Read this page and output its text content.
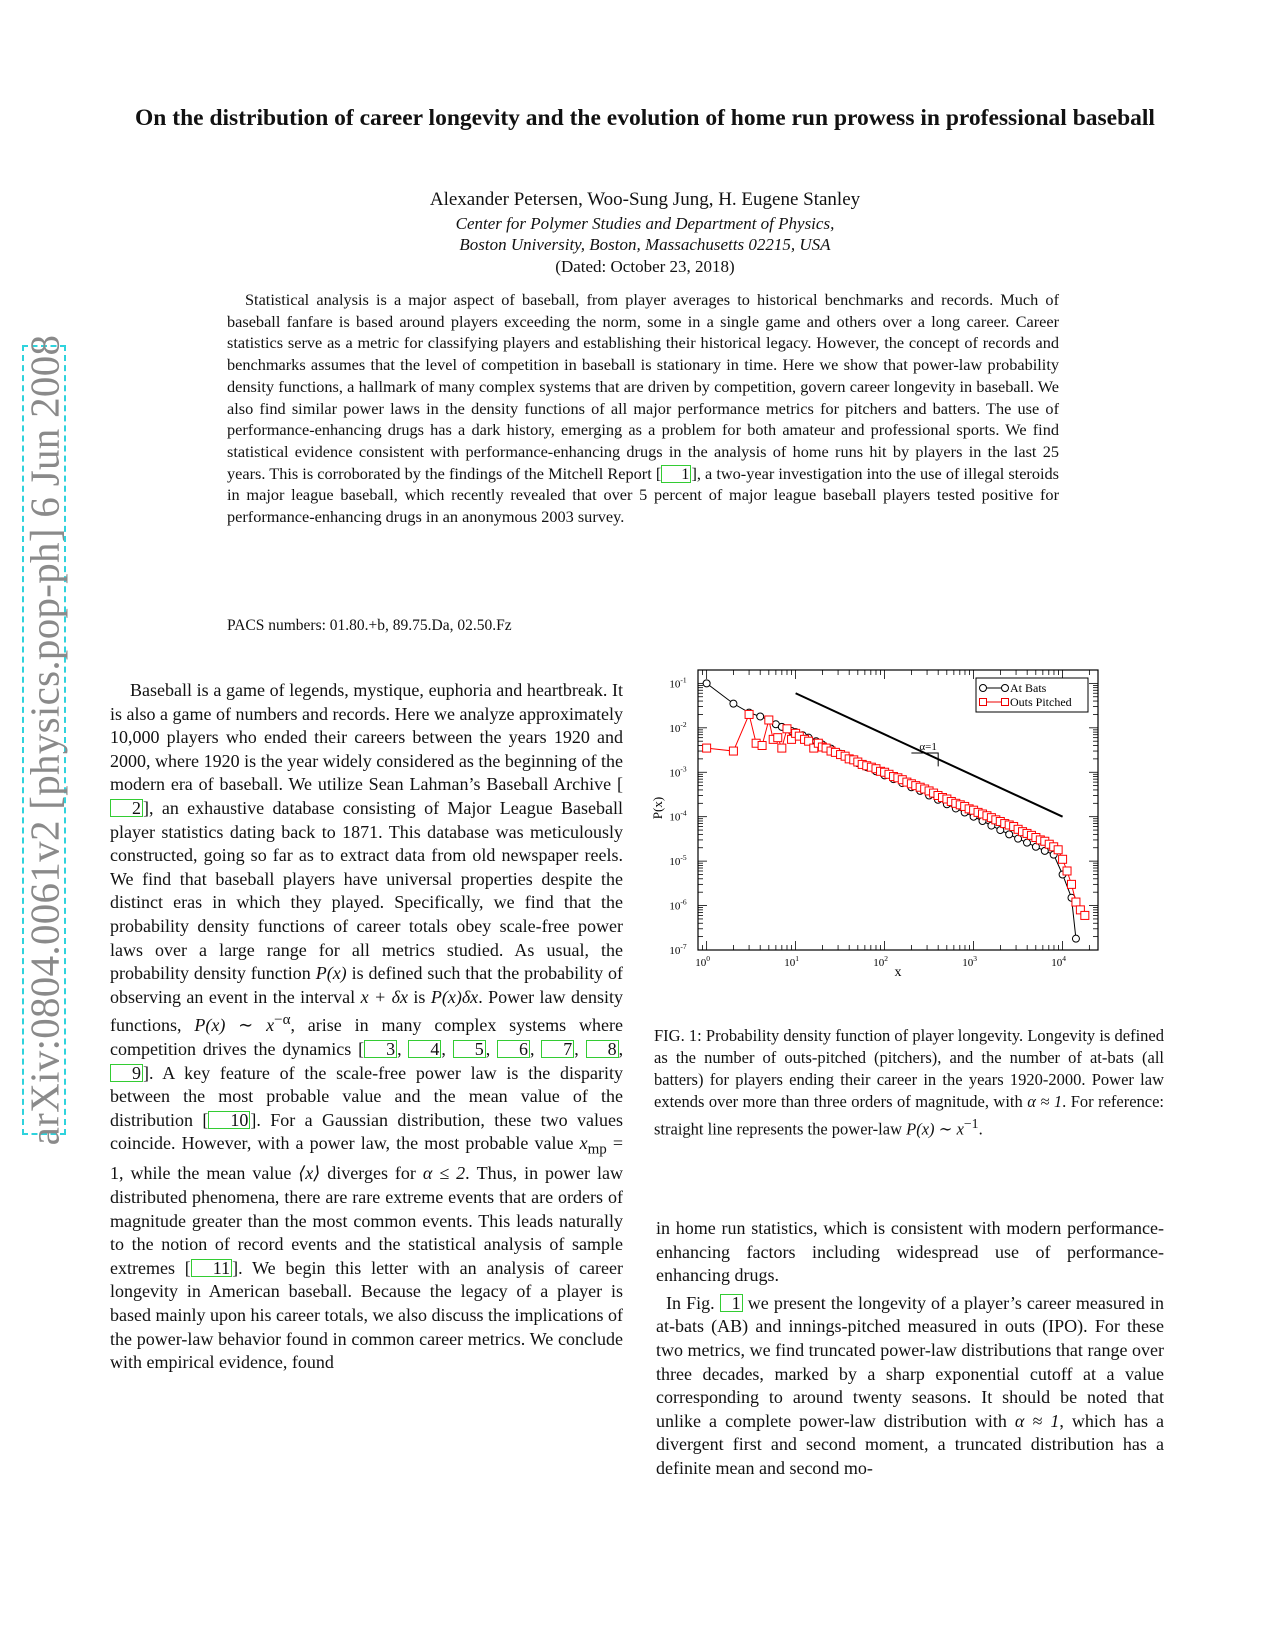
arXiv:0804.0061v2 [physics.pop-ph] 6 Jun 2008
On the distribution of career longevity and the evolution of home run prowess in professional baseball
Alexander Petersen, Woo-Sung Jung, H. Eugene Stanley
Center for Polymer Studies and Department of Physics,
Boston University, Boston, Massachusetts 02215, USA
(Dated: October 23, 2018)

Statistical analysis is a major aspect of baseball, from player averages to historical benchmarks and records. Much of baseball fanfare is based around players exceeding the norm, some in a single game and others over a long career. Career statistics serve as a metric for classifying players and establishing their historical legacy. However, the concept of records and benchmarks assumes that the level of competition in baseball is stationary in time. Here we show that power-law probability density functions, a hallmark of many complex systems that are driven by competition, govern career longevity in baseball. We also find similar power laws in the density functions of all major performance metrics for pitchers and batters. The use of performance-enhancing drugs has a dark history, emerging as a problem for both amateur and professional sports. We find statistical evidence consistent with performance-enhancing drugs in the analysis of home runs hit by players in the last 25 years. This is corroborated by the findings of the Mitchell Report [ 1 ], a two-year investigation into the use of illegal steroids in major league baseball, which recently revealed that over 5 percent of major league baseball players tested positive for performance-enhancing drugs in an anonymous 2003 survey.

PACS numbers: 01.80.+b, 89.75.Da, 02.50.Fz

Baseball is a game of legends, mystique, euphoria and heartbreak. It is also a game of numbers and records. Here we analyze approximately 10,000 players who ended their careers between the years 1920 and 2000, where 1920 is the year widely considered as the beginning of the modern era of baseball. We utilize Sean Lahman’s Baseball Archive [2 ], an exhaustive database consisting of Major League Baseball player statistics dating back to 1871. This database was meticulously constructed, going so far as to extract data from old newspaper reels. We find that baseball players have universal properties despite the distinct eras in which they played. Specifically, we find that the probability density functions of career totals obey scale-free power laws over a large range for all metrics studied. As usual, the probability density function P(x) is defined such that the probability of observing an event in the interval x + δx is P(x)δx. Power law density functions, P(x) ∼ $x^{-\alpha}$, arise in many complex systems where competition drives the dynamics [ 3 , 4 , 5 , 6 , 7 , 8 , 9 ]. A key feature of the scale-free power law is the disparity between the most probable value and the mean value of the distribution [ 10 ]. For a Gaussian distribution, these two values coincide. However, with a power law, the most probable value $x_{mp} = 1$, while the mean value ⟨x⟩ diverges for α ≤ 2. Thus, in power law distributed phenomena, there are rare extreme events that are orders of magnitude greater than the most common events. This leads naturally to the notion of record events and the statistical analysis of sample extremes [ 11 ]. We begin this letter with an analysis of career longevity in American baseball. Because the legacy of a player is based mainly upon his career totals, we also discuss the implications of the power-law behavior found in common career metrics. We conclude with empirical evidence, found

α=1
$10^0$	$10^1$	$10^2$	$10^3$	$10^4$
$10^{-1}$
$10^{-2}$
$10^{-3}$
$10^{-4}$
$10^{-5}$
$10^{-6}$
$10^{-7}$
x
P(x)
At Bats
Outs Pitched

FIG. 1: Probability density function of player longevity. Longevity is defined as the number of outs-pitched (pitchers), and the number of at-bats (all batters) for players ending their career in the years 1920-2000. Power law extends over more than three orders of magnitude, with α ≈ 1. For reference: straight line represents the power-law P(x) ∼ $x^{-1}$.

in home run statistics, which is consistent with modern performance-enhancing factors including widespread use of performance-enhancing drugs.

In Fig. 1 we present the longevity of a player’s career measured in at-bats (AB) and innings-pitched measured in outs (IPO). For these two metrics, we find truncated power-law distributions that range over three decades, marked by a sharp exponential cutoff at a value corresponding to around twenty seasons. It should be noted that unlike a complete power-law distribution with α ≈ 1, which has a divergent first and second moment, a truncated distribution has a definite mean and second mo-
